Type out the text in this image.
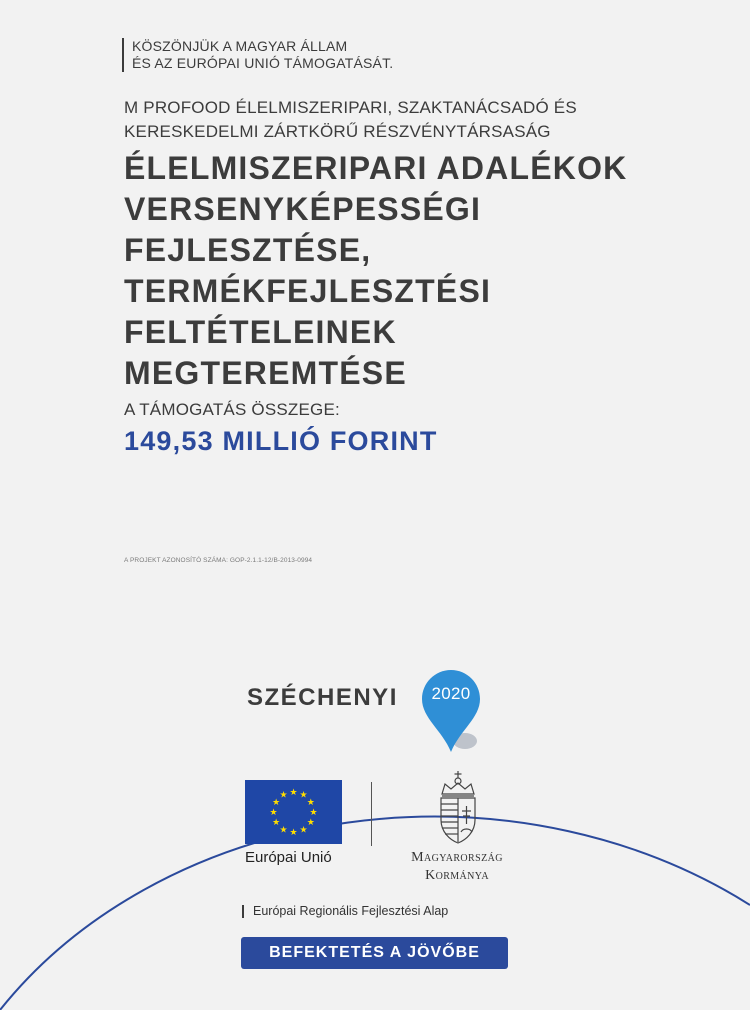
KÖSZÖNJÜK A MAGYAR ÁLLAM
ÉS AZ EURÓPAI UNIÓ TÁMOGATÁSÁT.
M PROFOOD ÉLELMISZERIPARI, SZAKTANÁCSADÓ ÉS
KERESKEDELMI ZÁRTKÖRŰ RÉSZVÉNYTÁRSASÁG
ÉLELMISZERIPARI ADALÉKOK
VERSENYKÉPESSÉGI
FEJLESZTÉSE,
TERMÉKFEJLESZTÉSI
FELTÉTELEINEK
MEGTEREMTÉSE
A TÁMOGATÁS ÖSSZEGE:
149,53 MILLIÓ FORINT
A PROJEKT AZONOSÍTÓ SZÁMA: GOP-2.1.1-12/B-2013-0994
SZÉCHENYI	2020
★ ★
★
★
★
★
★
★
★
★
★
★
Európai Unió	Magyarország
Kormánya
Európai Regionális Fejlesztési Alap
BEFEKTETÉS A JÖVŐBE
